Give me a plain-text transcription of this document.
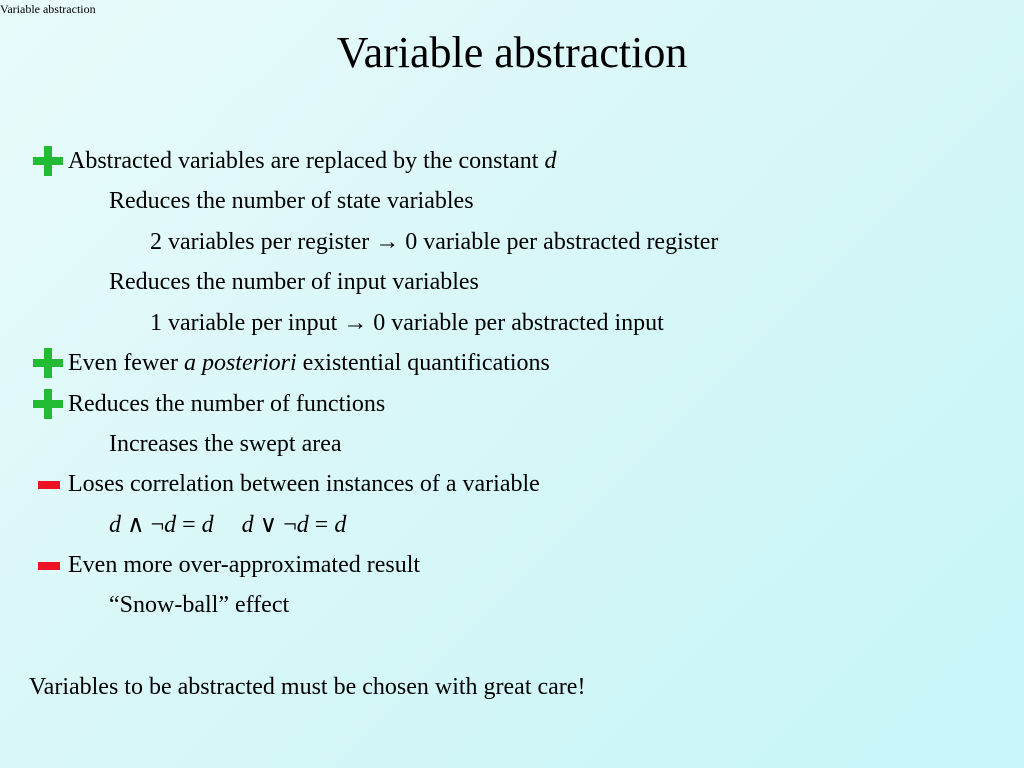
Variable abstraction
Variable abstraction
Abstracted variables are replaced by the constant d
Reduces the number of state variables
2 variables per register → 0 variable per abstracted register
Reduces the number of input variables
1 variable per input → 0 variable per abstracted input
Even fewer a posteriori existential quantifications
Reduces the number of functions
Increases the swept area
Loses correlation between instances of a variable
d ∧ ¬d = d d ∨ ¬d = d
Even more over-approximated result
“Snow-ball” effect
Variables to be abstracted must be chosen with great care!
